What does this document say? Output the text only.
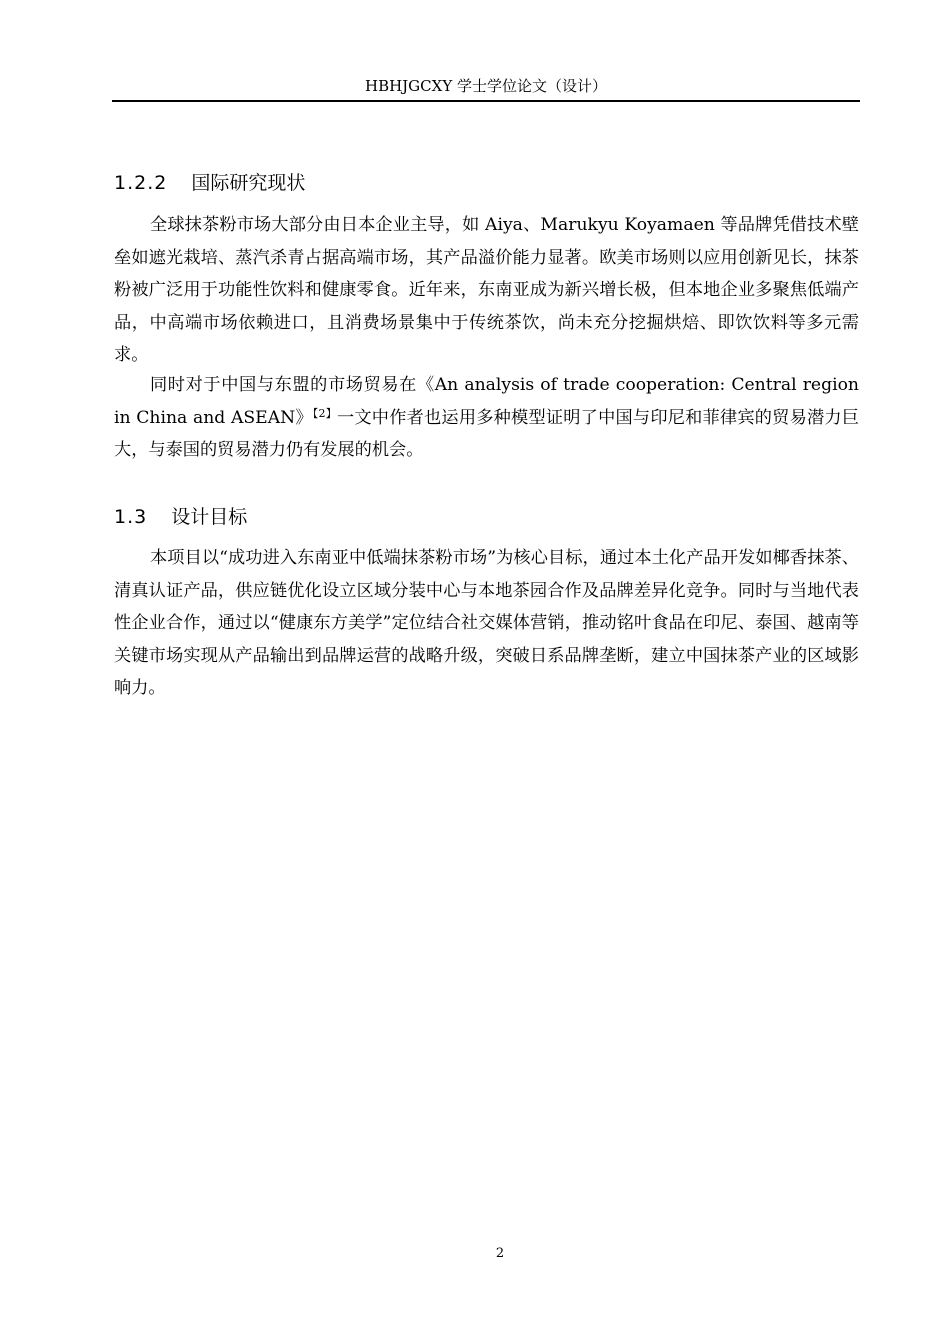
HBHJGCXY 学士学位论文（设计）
1.2.2 国际研究现状

全球抹茶粉市场大部分由日本企业主导，如 Aiya、Marukyu Koyamaen 等品牌凭借技术壁垒如遮光栽培、蒸汽杀青占据高端市场，其产品溢价能力显著。欧美市场则以应用创新见长，抹茶粉被广泛用于功能性饮料和健康零食。近年来，东南亚成为新兴增长极，但本地企业多聚焦低端产品，中高端市场依赖进口，且消费场景集中于传统茶饮，尚未充分挖掘烘焙、即饮饮料等多元需求。

同时对于中国与东盟的市场贸易在《An analysis of trade cooperation: Central region in China and ASEAN》$^{【2】}$一文中作者也运用多种模型证明了中国与印尼和菲律宾的贸易潜力巨大，与泰国的贸易潜力仍有发展的机会。

1.3 设计目标

本项目以“成功进入东南亚中低端抹茶粉市场”为核心目标，通过本土化产品开发如椰香抹茶、清真认证产品，供应链优化设立区域分装中心与本地茶园合作及品牌差异化竞争。同时与当地代表性企业合作，通过以“健康东方美学”定位结合社交媒体营销，推动铭叶食品在印尼、泰国、越南等关键市场实现从产品输出到品牌运营的战略升级，突破日系品牌垄断，建立中国抹茶产业的区域影响力。

2
